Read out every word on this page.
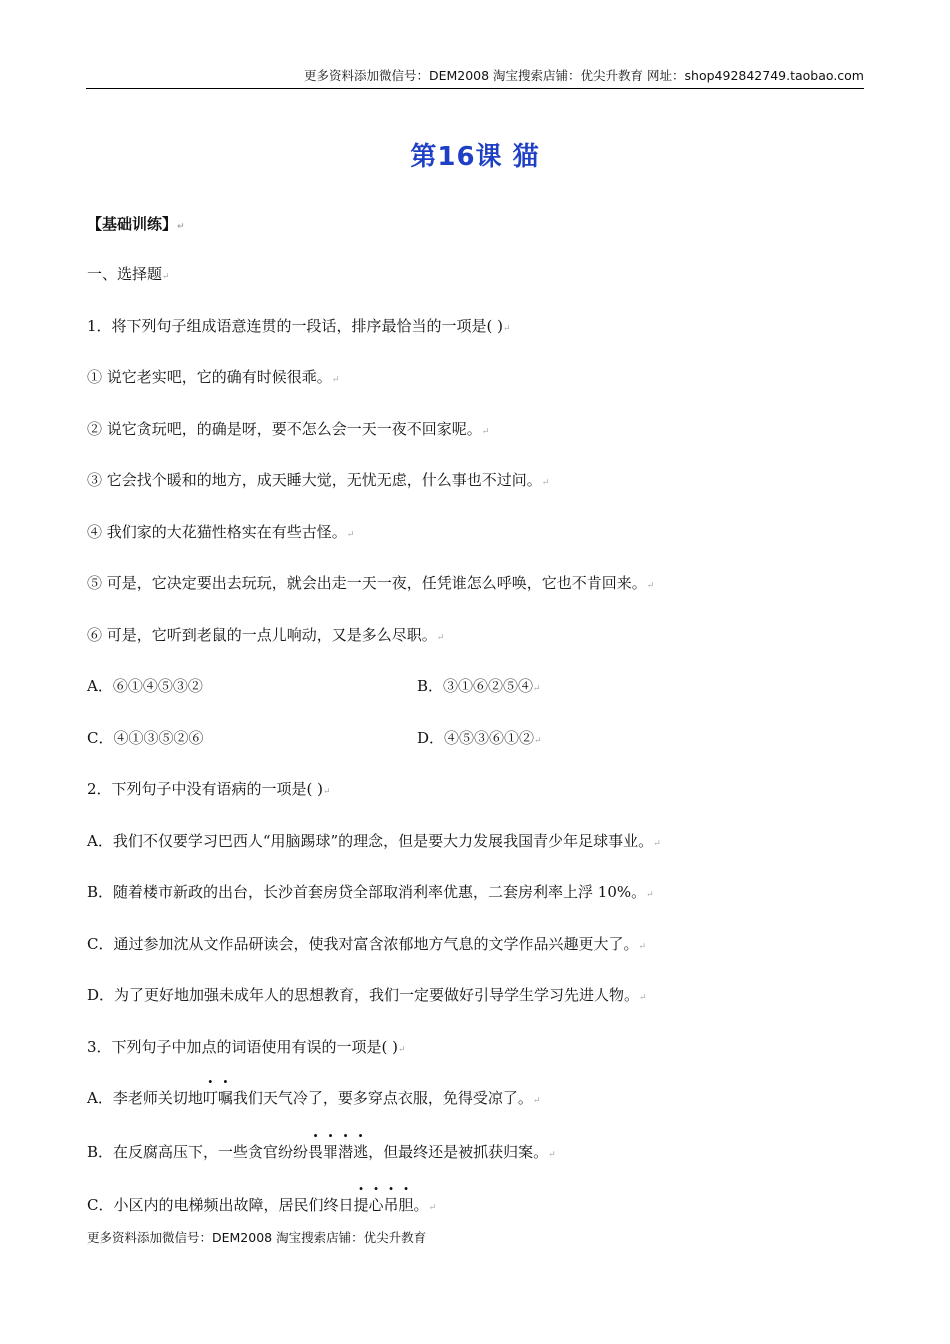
更多资料添加微信号：DEM2008 淘宝搜索店铺：优尖升教育 网址：shop492842749.taobao.com
第16课 猫
【基础训练】↵
一、选择题↵
1．将下列句子组成语意连贯的一段话，排序最恰当的一项是( )↵
① 说它老实吧，它的确有时候很乖。↵
② 说它贪玩吧，的确是呀，要不怎么会一天一夜不回家呢。↵
③ 它会找个暖和的地方，成天睡大觉，无忧无虑，什么事也不过问。↵
④ 我们家的大花猫性格实在有些古怪。↵
⑤ 可是，它决定要出去玩玩，就会出走一天一夜，任凭谁怎么呼唤，它也不肯回来。↵
⑥ 可是，它听到老鼠的一点儿响动，又是多么尽职。↵
A．⑥①④⑤③②	B．③①⑥②⑤④↵
C．④①③⑤②⑥	D．④⑤③⑥①②↵
2．下列句子中没有语病的一项是( )↵
A．我们不仅要学习巴西人“用脑踢球”的理念，但是要大力发展我国青少年足球事业。↵
B．随着楼市新政的出台，长沙首套房贷全部取消利率优惠，二套房利率上浮 10%。↵
C．通过参加沈从文作品研读会，使我对富含浓郁地方气息的文学作品兴趣更大了。↵
D．为了更好地加强未成年人的思想教育，我们一定要做好引导学生学习先进人物。↵
3．下列句子中加点的词语使用有误的一项是( )↵
A．李老师关切地叮嘱我们天气冷了，要多穿点衣服，免得受凉了。↵
B．在反腐高压下，一些贪官纷纷畏罪潜逃，但最终还是被抓获归案。↵
C．小区内的电梯频出故障，居民们终日提心吊胆。↵
更多资料添加微信号：DEM2008 淘宝搜索店铺：优尖升教育
